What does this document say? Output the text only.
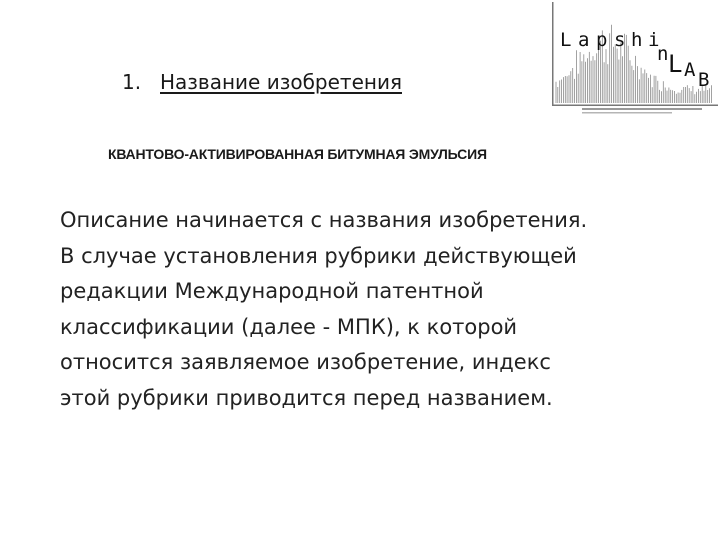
1. Название изобретения
КВАНТОВО-АКТИВИРОВАННАЯ БИТУМНАЯ ЭМУЛЬСИЯ
Описание начинается с названия изобретения.
В случае установления рубрики действующей
редакции Международной патентной
классификации (далее - МПК), к которой
относится заявляемое изобретение, индекс
этой рубрики приводится перед названием.
L a p s h i
n L A B
